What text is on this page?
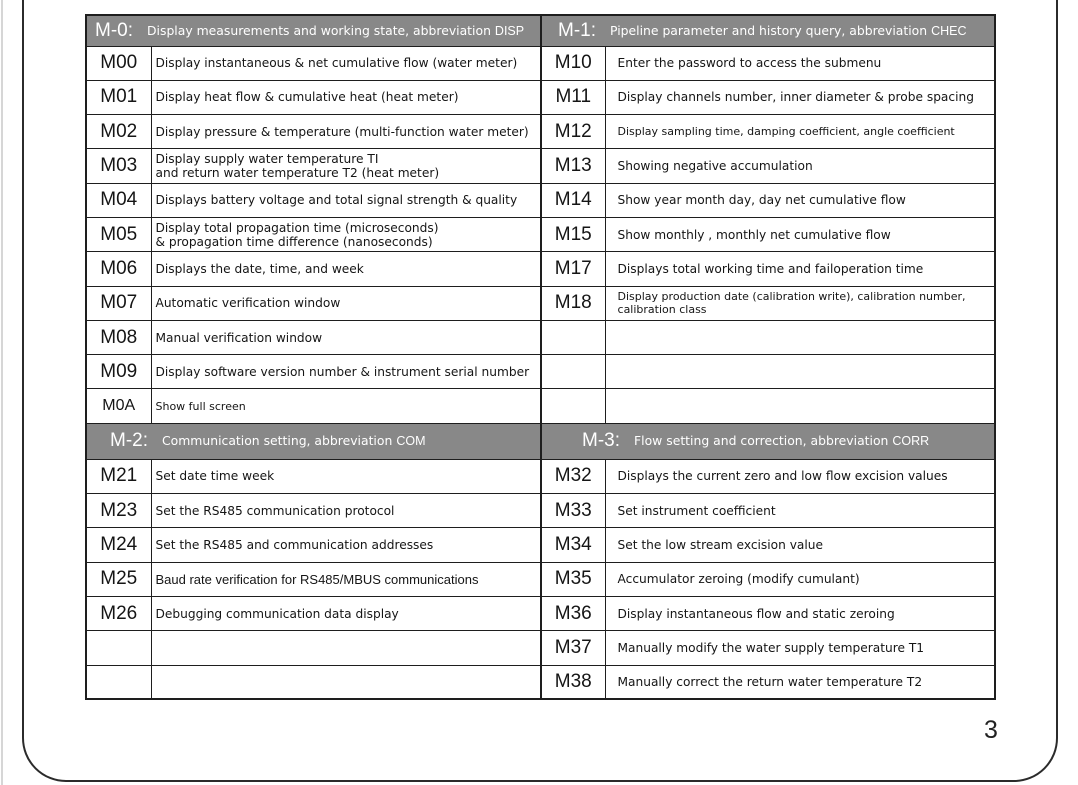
M-0: Display measurements and working state, abbreviation DISP		M-1: Pipeline parameter and history query, abbreviation CHEC	
M00	Display instantaneous & net cumulative flow (water meter)	M10	Enter the password to access the submenu
M01	Display heat flow & cumulative heat (heat meter)	M11	Display channels number, inner diameter & probe spacing
M02	Display pressure & temperature (multi-function water meter)	M12	Display sampling time, damping coefficient, angle coefficient
M03	Display supply water temperature TI
and return water temperature T2 (heat meter)	M13	Showing negative accumulation
M04	Displays battery voltage and total signal strength & quality	M14	Show year month day, day net cumulative flow
M05	Display total propagation time (microseconds)
& propagation time difference (nanoseconds)	M15	Show monthly , monthly net cumulative flow
M06	Displays the date, time, and week	M17	Displays total working time and failoperation time
M07	Automatic verification window	M18	Display production date (calibration write), calibration number,
calibration class

M08	Manual verification window		
M09	Display software version number & instrument serial number		
M0A	Show full screen		
M-2: Communication setting, abbreviation COM		M-3: Flow setting and correction, abbreviation CORR	
M21	Set date time week	M32	Displays the current zero and low flow excision values
M23	Set the RS485 communication protocol	M33	Set instrument coefficient
M24	Set the RS485 and communication addresses	M34	Set the low stream excision value
M25	Baud rate verification for RS485/MBUS communications	M35	Accumulator zeroing (modify cumulant)
M26	Debugging communication data display	M36	Display instantaneous flow and static zeroing
		M37	Manually modify the water supply temperature T1
		M38	Manually correct the return water temperature T2
3
